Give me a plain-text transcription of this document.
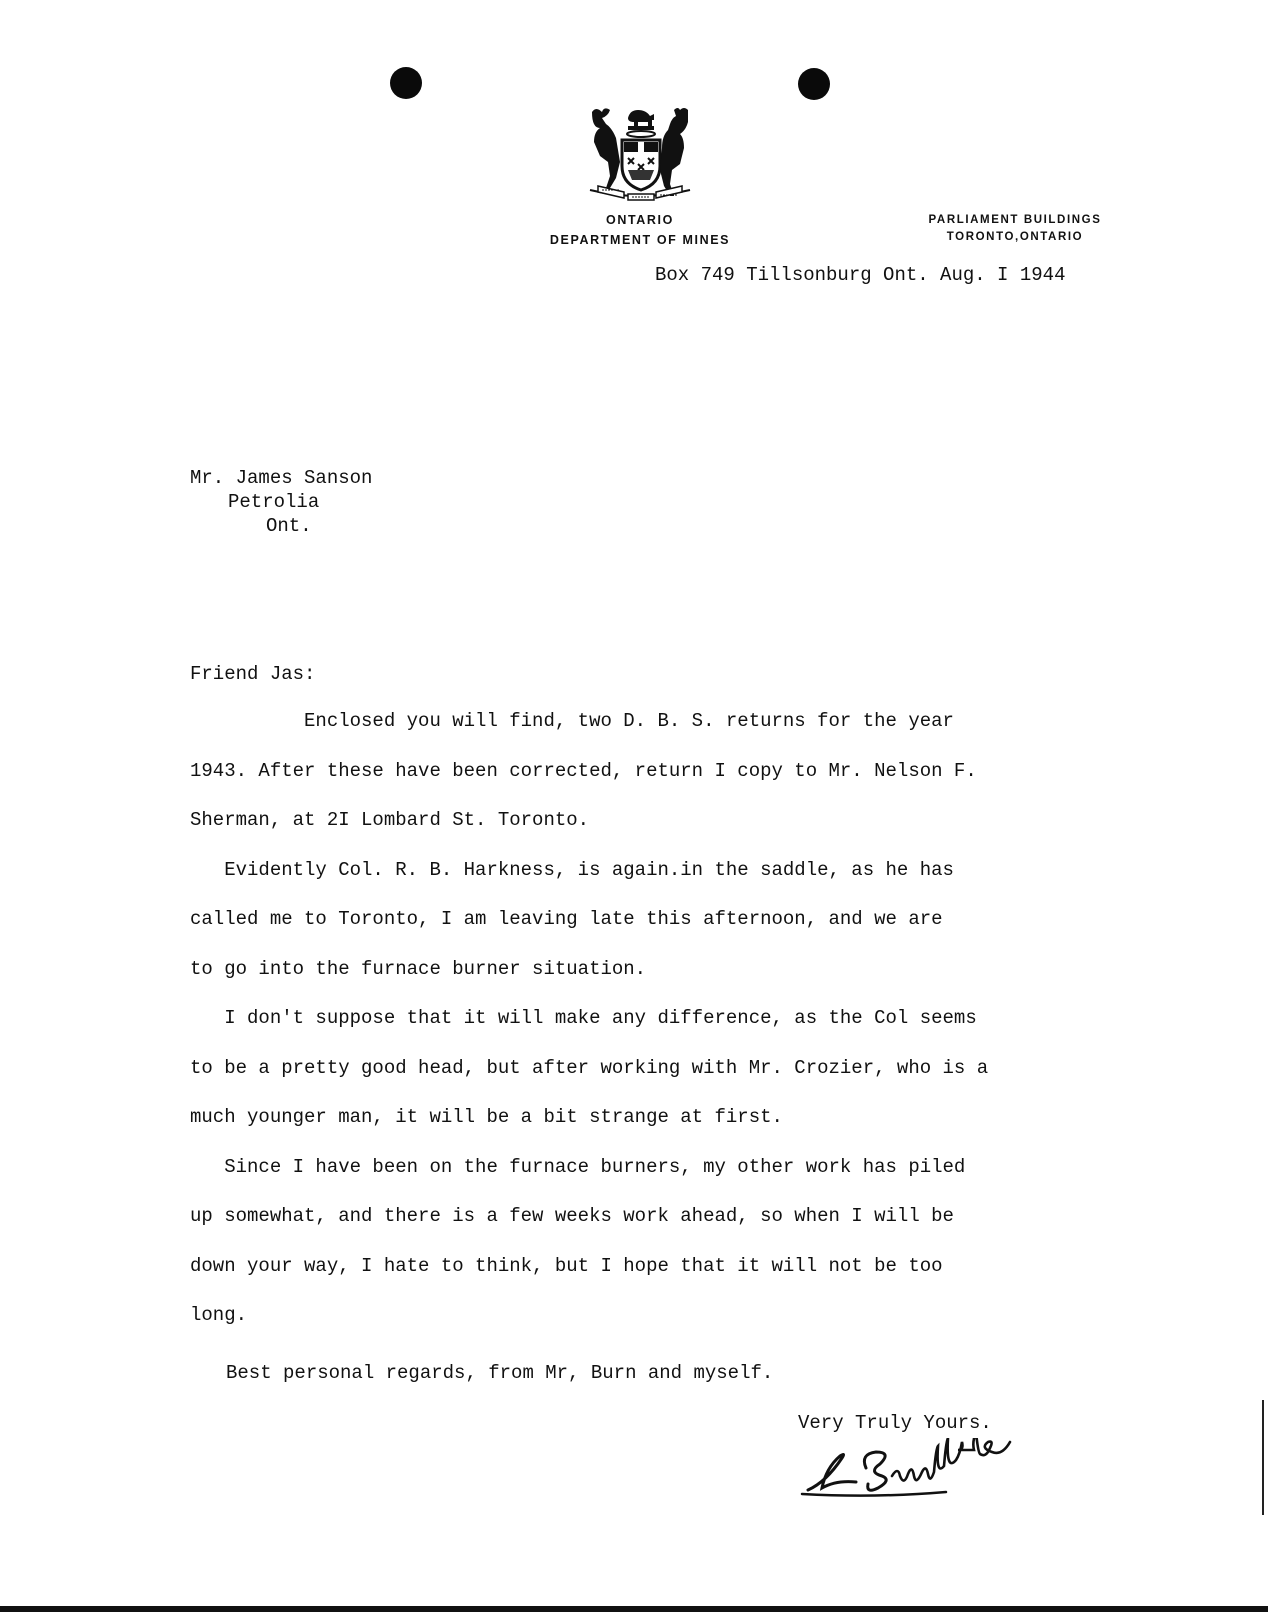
ONTARIO
DEPARTMENT OF MINES
PARLIAMENT BUILDINGS
TORONTO,ONTARIO
Box 749 Tillsonburg Ont. Aug. I 1944
Mr. James Sanson
Petrolia
Ont.
Friend Jas:
Enclosed you will find, two D. B. S. returns for the year
1943. After these have been corrected, return I copy to Mr. Nelson F.
Sherman, at 2I Lombard St. Toronto.
Evidently Col. R. B. Harkness, is again.in the saddle, as he has
called me to Toronto, I am leaving late this afternoon, and we are
to go into the furnace burner situation.
I don't suppose that it will make any difference, as the Col seems
to be a pretty good head, but after working with Mr. Crozier, who is a
much younger man, it will be a bit strange at first.
Since I have been on the furnace burners, my other work has piled
up somewhat, and there is a few weeks work ahead, so when I will be
down your way, I hate to think, but I hope that it will not be too
long.
Best personal regards, from Mr, Burn and myself.
Very Truly Yours.
